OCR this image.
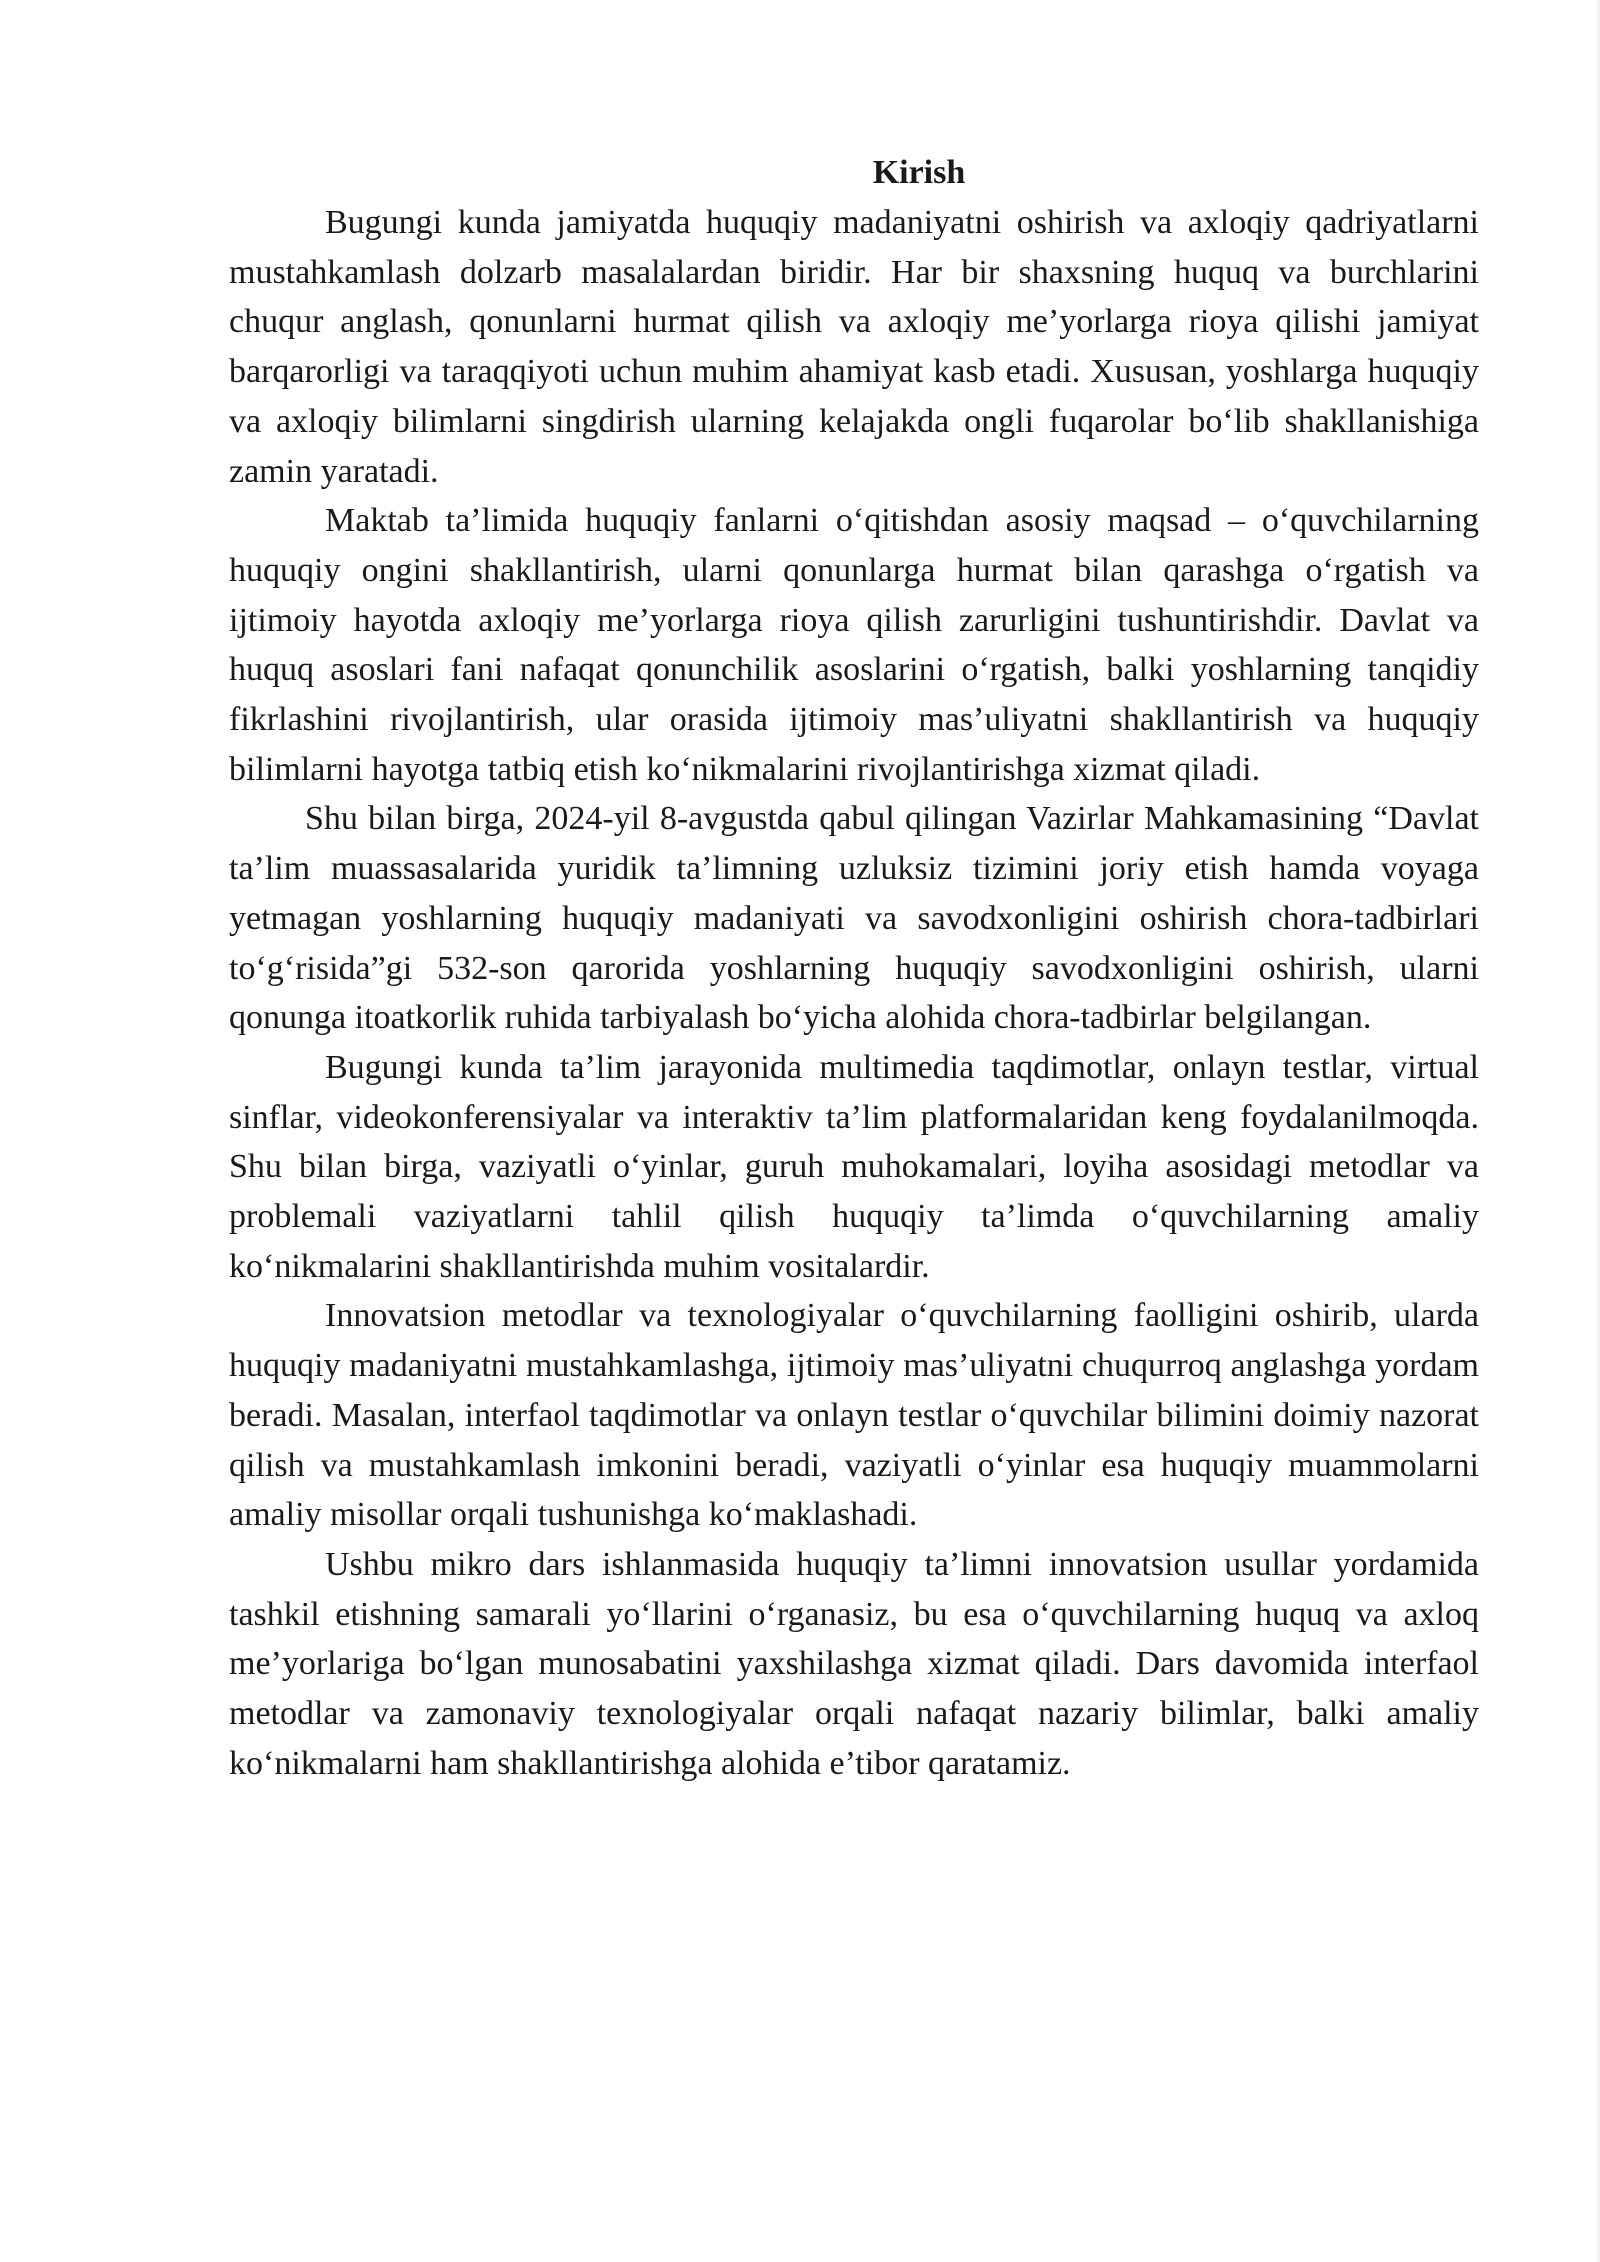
Kirish

Bugungi kunda jamiyatda huquqiy madaniyatni oshirish va axloqiy qadriyatlarni mustahkamlash dolzarb masalalardan biridir. Har bir shaxsning huquq va burchlarini chuqur anglash, qonunlarni hurmat qilish va axloqiy me’yorlarga rioya qilishi jamiyat barqarorligi va taraqqiyoti uchun muhim ahamiyat kasb etadi. Xususan, yoshlarga huquqiy va axloqiy bilimlarni singdirish ularning kelajakda ongli fuqarolar bo‘lib shakllanishiga zamin yaratadi.

Maktab ta’limida huquqiy fanlarni o‘qitishdan asosiy maqsad – o‘quvchilarning huquqiy ongini shakllantirish, ularni qonunlarga hurmat bilan qarashga o‘rgatish va ijtimoiy hayotda axloqiy me’yorlarga rioya qilish zarurligini tushuntirishdir. Davlat va huquq asoslari fani nafaqat qonunchilik asoslarini o‘rgatish, balki yoshlarning tanqidiy fikrlashini rivojlantirish, ular orasida ijtimoiy mas’uliyatni shakllantirish va huquqiy bilimlarni hayotga tatbiq etish ko‘nikmalarini rivojlantirishga xizmat qiladi.

Shu bilan birga, 2024-yil 8-avgustda qabul qilingan Vazirlar Mahkamasining “Davlat ta’lim muassasalarida yuridik ta’limning uzluksiz tizimini joriy etish hamda voyaga yetmagan yoshlarning huquqiy madaniyati va savodxonligini oshirish chora-tadbirlari to‘g‘risida”gi 532-son qarorida yoshlarning huquqiy savodxonligini oshirish, ularni qonunga itoatkorlik ruhida tarbiyalash bo‘yicha alohida chora-tadbirlar belgilangan.

Bugungi kunda ta’lim jarayonida multimedia taqdimotlar, onlayn testlar, virtual sinflar, videokonferensiyalar va interaktiv ta’lim platformalaridan keng foydalanilmoqda. Shu bilan birga, vaziyatli o‘yinlar, guruh muhokamalari, loyiha asosidagi metodlar va problemali vaziyatlarni tahlil qilish huquqiy ta’limda o‘quvchilarning amaliy ko‘nikmalarini shakllantirishda muhim vositalardir.

Innovatsion metodlar va texnologiyalar o‘quvchilarning faolligini oshirib, ularda huquqiy madaniyatni mustahkamlashga, ijtimoiy mas’uliyatni chuqurroq anglashga yordam beradi. Masalan, interfaol taqdimotlar va onlayn testlar o‘quvchilar bilimini doimiy nazorat qilish va mustahkamlash imkonini beradi, vaziyatli o‘yinlar esa huquqiy muammolarni amaliy misollar orqali tushunishga ko‘maklashadi.

Ushbu mikro dars ishlanmasida huquqiy ta’limni innovatsion usullar yordamida tashkil etishning samarali yo‘llarini o‘rganasiz, bu esa o‘quvchilarning huquq va axloq me’yorlariga bo‘lgan munosabatini yaxshilashga xizmat qiladi. Dars davomida interfaol metodlar va zamonaviy texnologiyalar orqali nafaqat nazariy bilimlar, balki amaliy ko‘nikmalarni ham shakllantirishga alohida e’tibor qaratamiz.
